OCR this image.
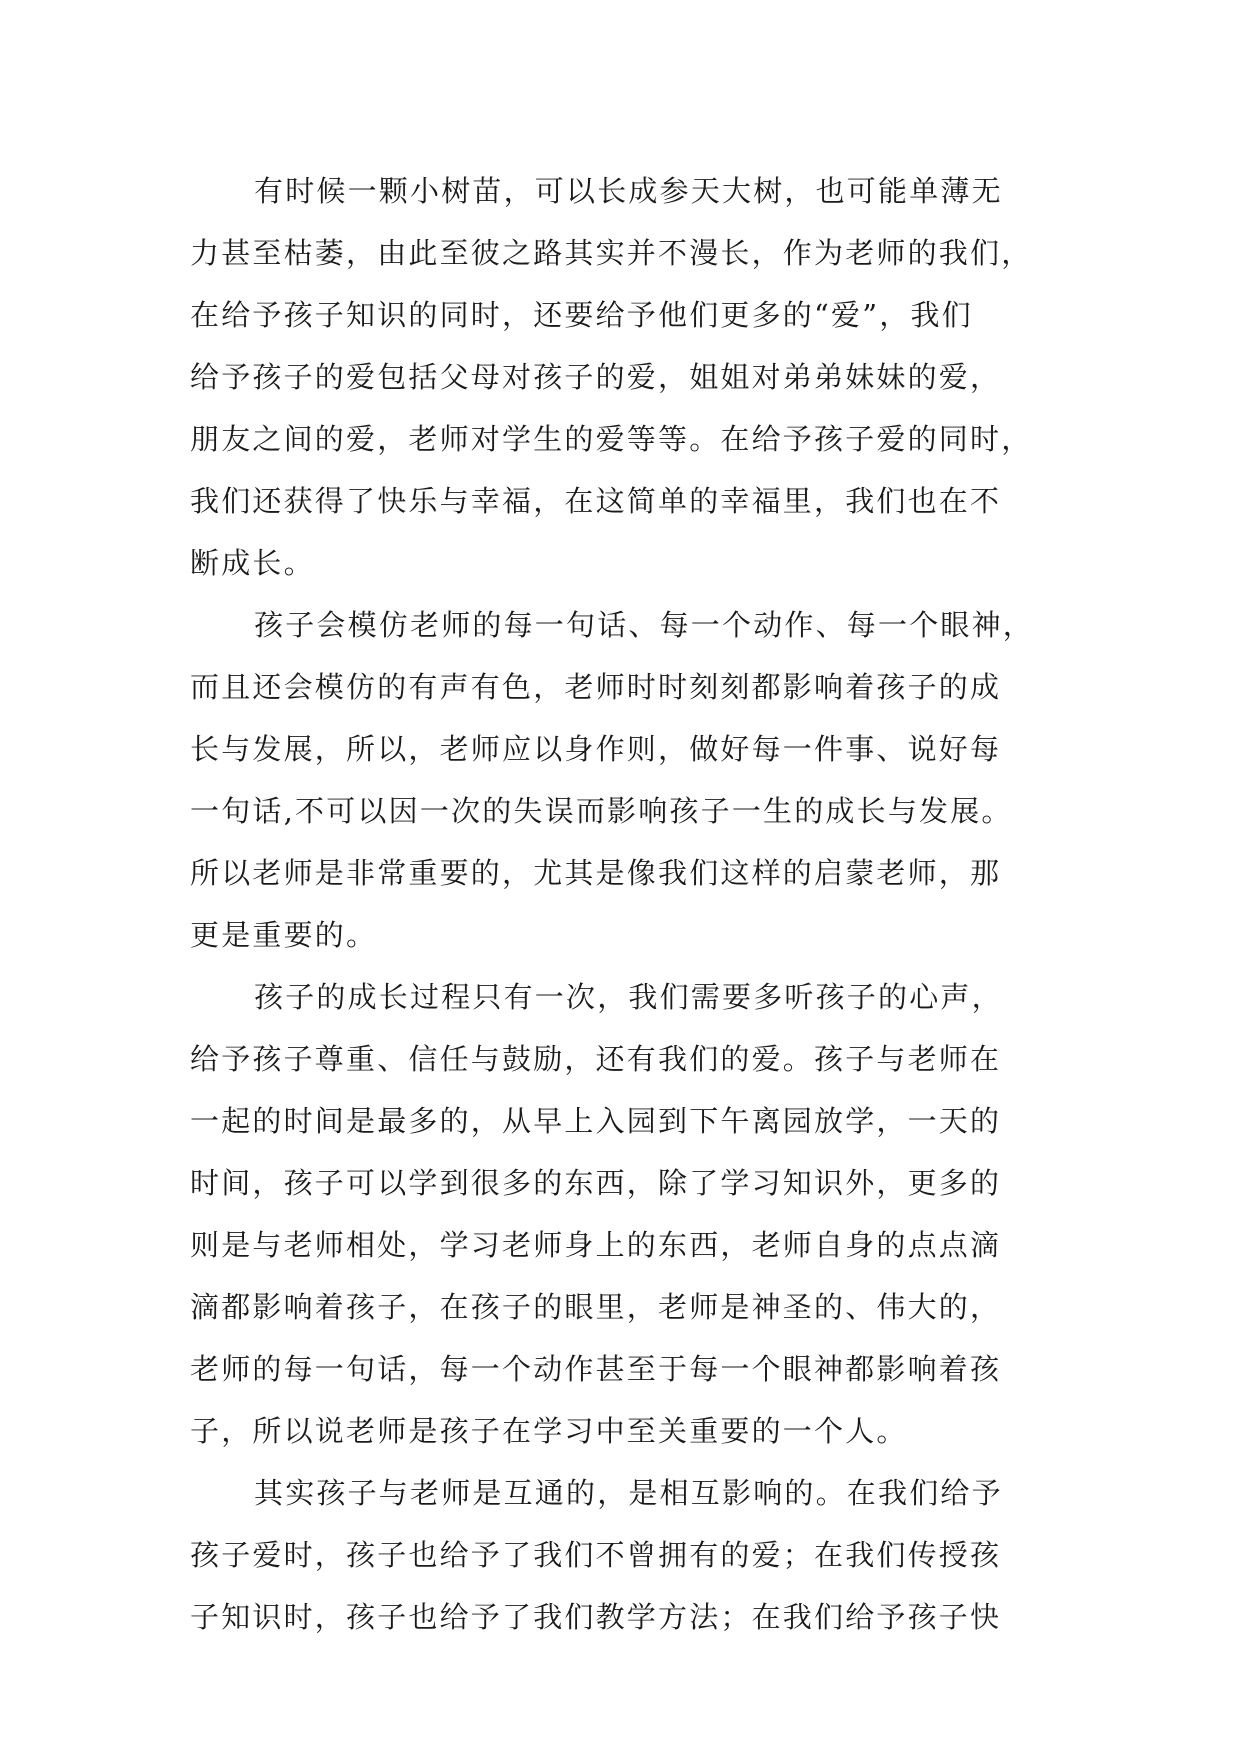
有时候一颗小树苗，可以长成参天大树，也可能单薄无
力甚至枯萎，由此至彼之路其实并不漫长，作为老师的我们，
在给予孩子知识的同时，还要给予他们更多的“爱”，我们
给予孩子的爱包括父母对孩子的爱，姐姐对弟弟妹妹的爱，
朋友之间的爱，老师对学生的爱等等。在给予孩子爱的同时，
我们还获得了快乐与幸福，在这简单的幸福里，我们也在不
断成长。
孩子会模仿老师的每一句话、每一个动作、每一个眼神，
而且还会模仿的有声有色，老师时时刻刻都影响着孩子的成
长与发展，所以，老师应以身作则，做好每一件事、说好每
一句话,不可以因一次的失误而影响孩子一生的成长与发展。
所以老师是非常重要的，尤其是像我们这样的启蒙老师，那
更是重要的。
孩子的成长过程只有一次，我们需要多听孩子的心声，
给予孩子尊重、信任与鼓励，还有我们的爱。孩子与老师在
一起的时间是最多的，从早上入园到下午离园放学，一天的
时间，孩子可以学到很多的东西，除了学习知识外，更多的
则是与老师相处，学习老师身上的东西，老师自身的点点滴
滴都影响着孩子，在孩子的眼里，老师是神圣的、伟大的，
老师的每一句话，每一个动作甚至于每一个眼神都影响着孩
子，所以说老师是孩子在学习中至关重要的一个人。
其实孩子与老师是互通的，是相互影响的。在我们给予
孩子爱时，孩子也给予了我们不曾拥有的爱；在我们传授孩
子知识时，孩子也给予了我们教学方法；在我们给予孩子快
